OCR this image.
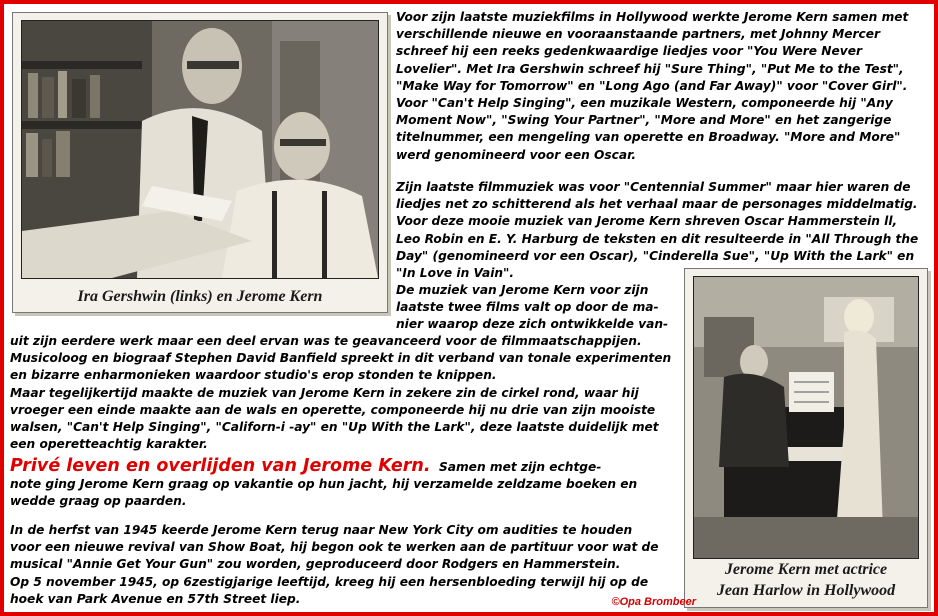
Ira Gershwin (links) en Jerome Kern
Jerome Kern met actrice
Jean Harlow in Hollywood
Voor zijn laatste muziekfilms in Hollywood werkte Jerome Kern samen met
verschillende nieuwe en vooraanstaande partners, met Johnny Mercer
schreef hij een reeks gedenkwaardige liedjes voor "You Were Never
Lovelier". Met Ira Gershwin schreef hij "Sure Thing", "Put Me to the Test",
"Make Way for Tomorrow" en "Long Ago (and Far Away)" voor "Cover Girl".
Voor "Can't Help Singing", een muzikale Western, componeerde hij "Any
Moment Now", "Swing Your Partner", "More and More" en het zangerige
titelnummer, een mengeling van operette en Broadway. "More and More"
werd genomineerd voor een Oscar.
Zijn laatste filmmuziek was voor "Centennial Summer" maar hier waren de
liedjes net zo schitterend als het verhaal maar de personages middelmatig.
Voor deze mooie muziek van Jerome Kern shreven Oscar Hammerstein ll,
Leo Robin en E. Y. Harburg de teksten en dit resulteerde in "All Through the
Day" (genomineerd vor een Oscar), "Cinderella Sue", "Up With the Lark" en
"In Love in Vain".
De muziek van Jerome Kern voor zijn
laatste twee films valt op door de ma-
nier waarop deze zich ontwikkelde van-
uit zijn eerdere werk maar een deel ervan was te geavanceerd voor de filmmaatschappijen.
Musicoloog en biograaf Stephen David Banfield spreekt in dit verband van tonale experimenten
en bizarre enharmonieken waardoor studio's erop stonden te knippen.
Maar tegelijkertijd maakte de muziek van Jerome Kern in zekere zin de cirkel rond, waar hij
vroeger een einde maakte aan de wals en operette, componeerde hij nu drie van zijn mooiste
walsen, "Can't Help Singing", "Californ-i -ay" en "Up With the Lark", deze laatste duidelijk met
een operetteachtig karakter.
Privé leven en overlijden van Jerome Kern. Samen met zijn echtge-
note ging Jerome Kern graag op vakantie op hun jacht, hij verzamelde zeldzame boeken en
wedde graag op paarden.
In de herfst van 1945 keerde Jerome Kern terug naar New York City om audities te houden
voor een nieuwe revival van Show Boat, hij begon ook te werken aan de partituur voor wat de
musical "Annie Get Your Gun" zou worden, geproduceerd door Rodgers en Hammerstein.
Op 5 november 1945, op 6zestigjarige leeftijd, kreeg hij een hersenbloeding terwijl hij op de
hoek van Park Avenue en 57th Street liep.	©Opa Brombeer
